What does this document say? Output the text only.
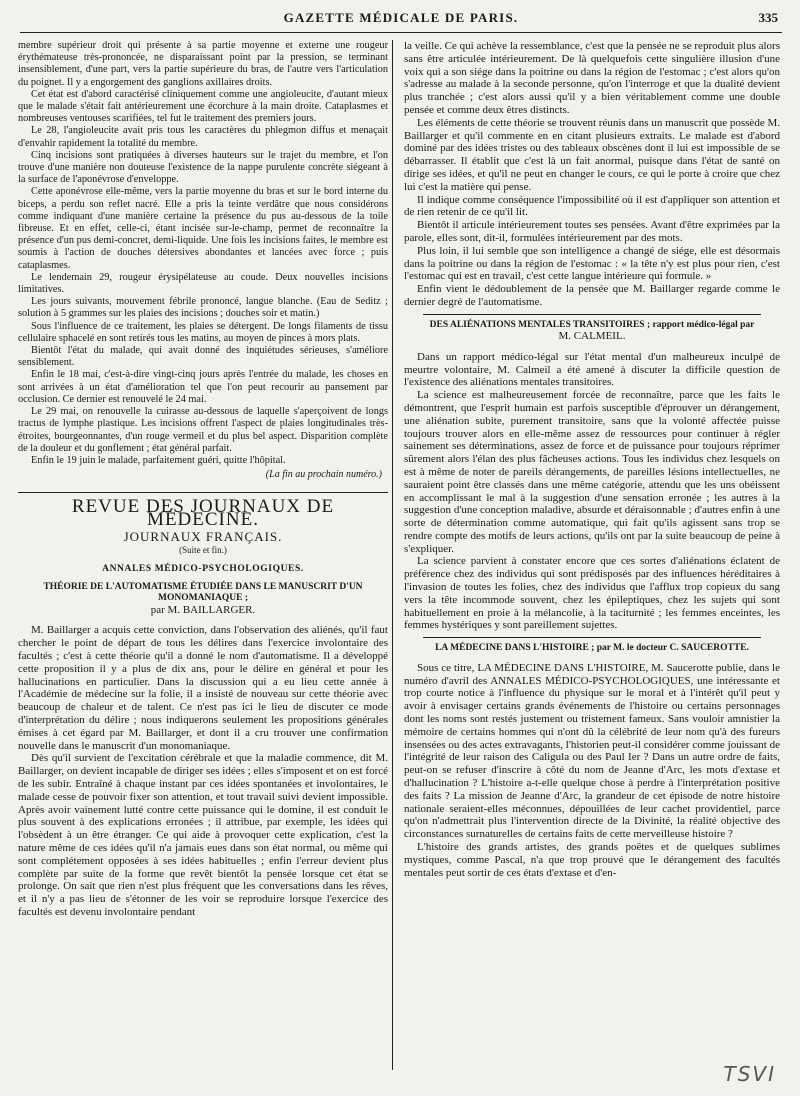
GAZETTE MÉDICALE DE PARIS.	335

membre supérieur droit qui présente à sa partie moyenne et externe une rougeur érythémateuse très-prononcée, ne disparaissant point par la pression, se terminant insensiblement, d'une part, vers la partie supérieure du bras, de l'autre vers l'articulation du poignet. Il y a engorgement des ganglions axillaires droits.

Cet état est d'abord caractérisé cliniquement comme une angioleucite, d'autant mieux que le malade s'était fait antérieurement une écorchure à la main droite. Cataplasmes et nombreuses ventouses scarifiées, tel fut le traitement des premiers jours.

Le 28, l'angioleucite avait pris tous les caractères du phlegmon diffus et menaçait d'envahir rapidement la totalité du membre.

Cinq incisions sont pratiquées à diverses hauteurs sur le trajet du membre, et l'on trouve d'une manière non douteuse l'existence de la nappe purulente concrète siégeant à la surface de l'aponévrose d'enveloppe.

Cette aponévrose elle-même, vers la partie moyenne du bras et sur le bord interne du biceps, a perdu son reflet nacré. Elle a pris la teinte verdâtre que nous considérons comme indiquant d'une manière certaine la présence du pus au-dessous de la toile fibreuse. Et en effet, celle-ci, étant incisée sur-le-champ, permet de reconnaître la présence d'un pus demi-concret, demi-liquide. Une fois les incisions faites, le membre est soumis à l'action de douches détersives abondantes et lancées avec force ; puis cataplasmes.

Le lendemain 29, rougeur érysipélateuse au coude. Deux nouvelles incisions limitatives.

Les jours suivants, mouvement fébrile prononcé, langue blanche. (Eau de Seditz ; solution à 5 grammes sur les plaies des incisions ; douches soir et matin.)

Sous l'influence de ce traitement, les plaies se détergent. De longs filaments de tissu cellulaire sphacelé en sont retirés tous les matins, au moyen de pinces à mors plats.

Bientôt l'état du malade, qui avait donné des inquiétudes sérieuses, s'améliore sensiblement.

Enfin le 18 mai, c'est-à-dire vingt-cinq jours après l'entrée du malade, les choses en sont arrivées à un état d'amélioration tel que l'on peut recourir au pansement par occlusion. Ce dernier est renouvelé le 24 mai.

Le 29 mai, on renouvelle la cuirasse au-dessous de laquelle s'aperçoivent de longs tractus de lymphe plastique. Les incisions offrent l'aspect de plaies longitudinales très-étroites, bourgeonnantes, d'un rouge vermeil et du plus bel aspect. Disparition complète de la douleur et du gonflement ; état général parfait.

Enfin le 19 juin le malade, parfaitement guéri, quitte l'hôpital.

(La fin au prochain numéro.)
REVUE DES JOURNAUX DE MÉDECINE.
JOURNAUX FRANÇAIS.
(Suite et fin.)
ANNALES MÉDICO-PSYCHOLOGIQUES.
THÉORIE DE L'AUTOMATISME ÉTUDIÉE DANS LE MANUSCRIT D'UN MONOMANIAQUE ;
par M. BAILLARGER.

M. Baillarger a acquis cette conviction, dans l'observation des aliénés, qu'il faut chercher le point de départ de tous les délires dans l'exercice involontaire des facultés ; c'est à cette théorie qu'il a donné le nom d'automatisme. Il a développé cette proposition il y a plus de dix ans, pour le délire en général et pour les hallucinations en particulier. Dans la discussion qui a eu lieu cette année à l'Académie de médecine sur la folie, il a insisté de nouveau sur cette théorie avec beaucoup de chaleur et de talent. Ce n'est pas ici le lieu de discuter ce mode d'interprétation du délire ; nous indiquerons seulement les propositions générales émises à cet égard par M. Baillarger, et dont il a cru trouver une confirmation nouvelle dans le manuscrit d'un monomaniaque.

Dès qu'il survient de l'excitation cérébrale et que la maladie commence, dit M. Baillarger, on devient incapable de diriger ses idées ; elles s'imposent et on est forcé de les subir. Entraîné à chaque instant par ces idées spontanées et involontaires, le malade cesse de pouvoir fixer son attention, et tout travail suivi devient impossible. Après avoir vainement lutté contre cette puissance qui le domine, il est conduit le plus souvent à des explications erronées ; il attribue, par exemple, les idées qui l'obsèdent à un être étranger. Ce qui aide à provoquer cette explication, c'est la nature même de ces idées qu'il n'a jamais eues dans son état normal, ou même qui sont complétement opposées à ses idées habituelles ; enfin l'erreur devient plus complète par suite de la forme que revêt bientôt la pensée lorsque cet état se prolonge. On sait que rien n'est plus fréquent que les conversations dans les rêves, et il n'y a pas lieu de s'étonner de les voir se reproduire lorsque l'exercice des facultés est devenu involontaire pendant

la veille. Ce qui achève la ressemblance, c'est que la pensée ne se reproduit plus alors sans être articulée intérieurement. De là quelquefois cette singulière illusion d'une voix qui a son siége dans la poitrine ou dans la région de l'estomac ; c'est alors qu'on s'adresse au malade à la seconde personne, qu'on l'interroge et que la dualité devient plus tranchée ; c'est alors aussi qu'il y a bien véritablement comme une double pensée et comme deux êtres distincts.

Les éléments de cette théorie se trouvent réunis dans un manuscrit que possède M. Baillarger et qu'il commente en en citant plusieurs extraits. Le malade est d'abord dominé par des idées tristes ou des tableaux obscènes dont il lui est impossible de se débarrasser. Il établit que c'est là un fait anormal, puisque dans l'état de santé on dirige ses idées, et qu'il ne peut en changer le cours, ce qui le porte à croire que chez lui c'est la matière qui pense.

Il indique comme conséquence l'impossibilité où il est d'appliquer son attention et de rien retenir de ce qu'il lit.

Bientôt il articule intérieurement toutes ses pensées. Avant d'être exprimées par la parole, elles sont, dit-il, formulées intérieurement par des mots.

Plus loin, il lui semble que son intelligence a changé de siége, elle est désormais dans la poitrine ou dans la région de l'estomac : « la tête n'y est plus pour rien, c'est l'estomac qui est en travail, c'est cette langue intérieure qui formule. »

Enfin vient le dédoublement de la pensée que M. Baillarger regarde comme le dernier degré de l'automatisme.

DES ALIÉNATIONS MENTALES TRANSITOIRES ; rapport médico-légal par
M. CALMEIL.

Dans un rapport médico-légal sur l'état mental d'un malheureux inculpé de meurtre volontaire, M. Calmeil a été amené à discuter la difficile question de l'existence des aliénations mentales transitoires.

La science est malheureusement forcée de reconnaître, parce que les faits le démontrent, que l'esprit humain est parfois susceptible d'éprouver un dérangement, une aliénation subite, purement transitoire, sans que la volonté affectée puisse toujours trouver alors en elle-même assez de ressources pour continuer à régler sainement ses déterminations, assez de force et de puissance pour toujours réprimer sûrement alors l'élan des plus fâcheuses actions. Tous les individus chez lesquels on est à même de noter de pareils dérangements, de pareilles lésions intellectuelles, ne sauraient point être classés dans une même catégorie, attendu que les uns obéissent en accomplissant le mal à la suggestion d'une sensation erronée ; les autres à la suggestion d'une conception maladive, absurde et déraisonnable ; d'autres enfin à une sorte de détermination comme automatique, qui fait qu'ils agissent sans trop se rendre compte des motifs de leurs actions, qu'ils ont par la suite beaucoup de peine à s'expliquer.

La science parvient à constater encore que ces sortes d'aliénations éclatent de préférence chez des individus qui sont prédisposés par des influences héréditaires à l'invasion de toutes les folies, chez des individus que l'afflux trop copieux du sang vers la tête incommode souvent, chez les épileptiques, chez les sujets qui sont habituellement en proie à la mélancolie, à la taciturnité ; les femmes enceintes, les femmes hystériques y sont pareillement sujettes.

LA MÉDECINE DANS L'HISTOIRE ; par M. le docteur C. SAUCEROTTE.

Sous ce titre, LA MÉDECINE DANS L'HISTOIRE, M. Saucerotte publie, dans le numéro d'avril des ANNALES MÉDICO-PSYCHOLOGIQUES, une intéressante et trop courte notice à l'influence du physique sur le moral et à l'intérêt qu'il peut y avoir à envisager certains grands événements de l'histoire ou certains personnages dont les noms sont restés justement ou tristement fameux. Sans vouloir amnistier la mémoire de certains hommes qui n'ont dû la célébrité de leur nom qu'à des fureurs insensées ou des actes extravagants, l'historien peut-il considérer comme jouissant de l'intégrité de leur raison des Caligula ou des Paul Ier ? Dans un autre ordre de faits, peut-on se refuser d'inscrire à côté du nom de Jeanne d'Arc, les mots d'extase et d'hallucination ? L'histoire a-t-elle quelque chose à perdre à l'interprétation positive des faits ? La mission de Jeanne d'Arc, la grandeur de cet épisode de notre histoire nationale seraient-elles méconnues, dépouillées de leur cachet providentiel, parce qu'on n'admettrait plus l'intervention directe de la Divinité, la réalité objective des circonstances surnaturelles de certains faits de cette merveilleuse histoire ?

L'histoire des grands artistes, des grands poëtes et de quelques sublimes mystiques, comme Pascal, n'a que trop prouvé que le dérangement des facultés mentales peut sortir de ces états d'extase et d'en-

TSVI
